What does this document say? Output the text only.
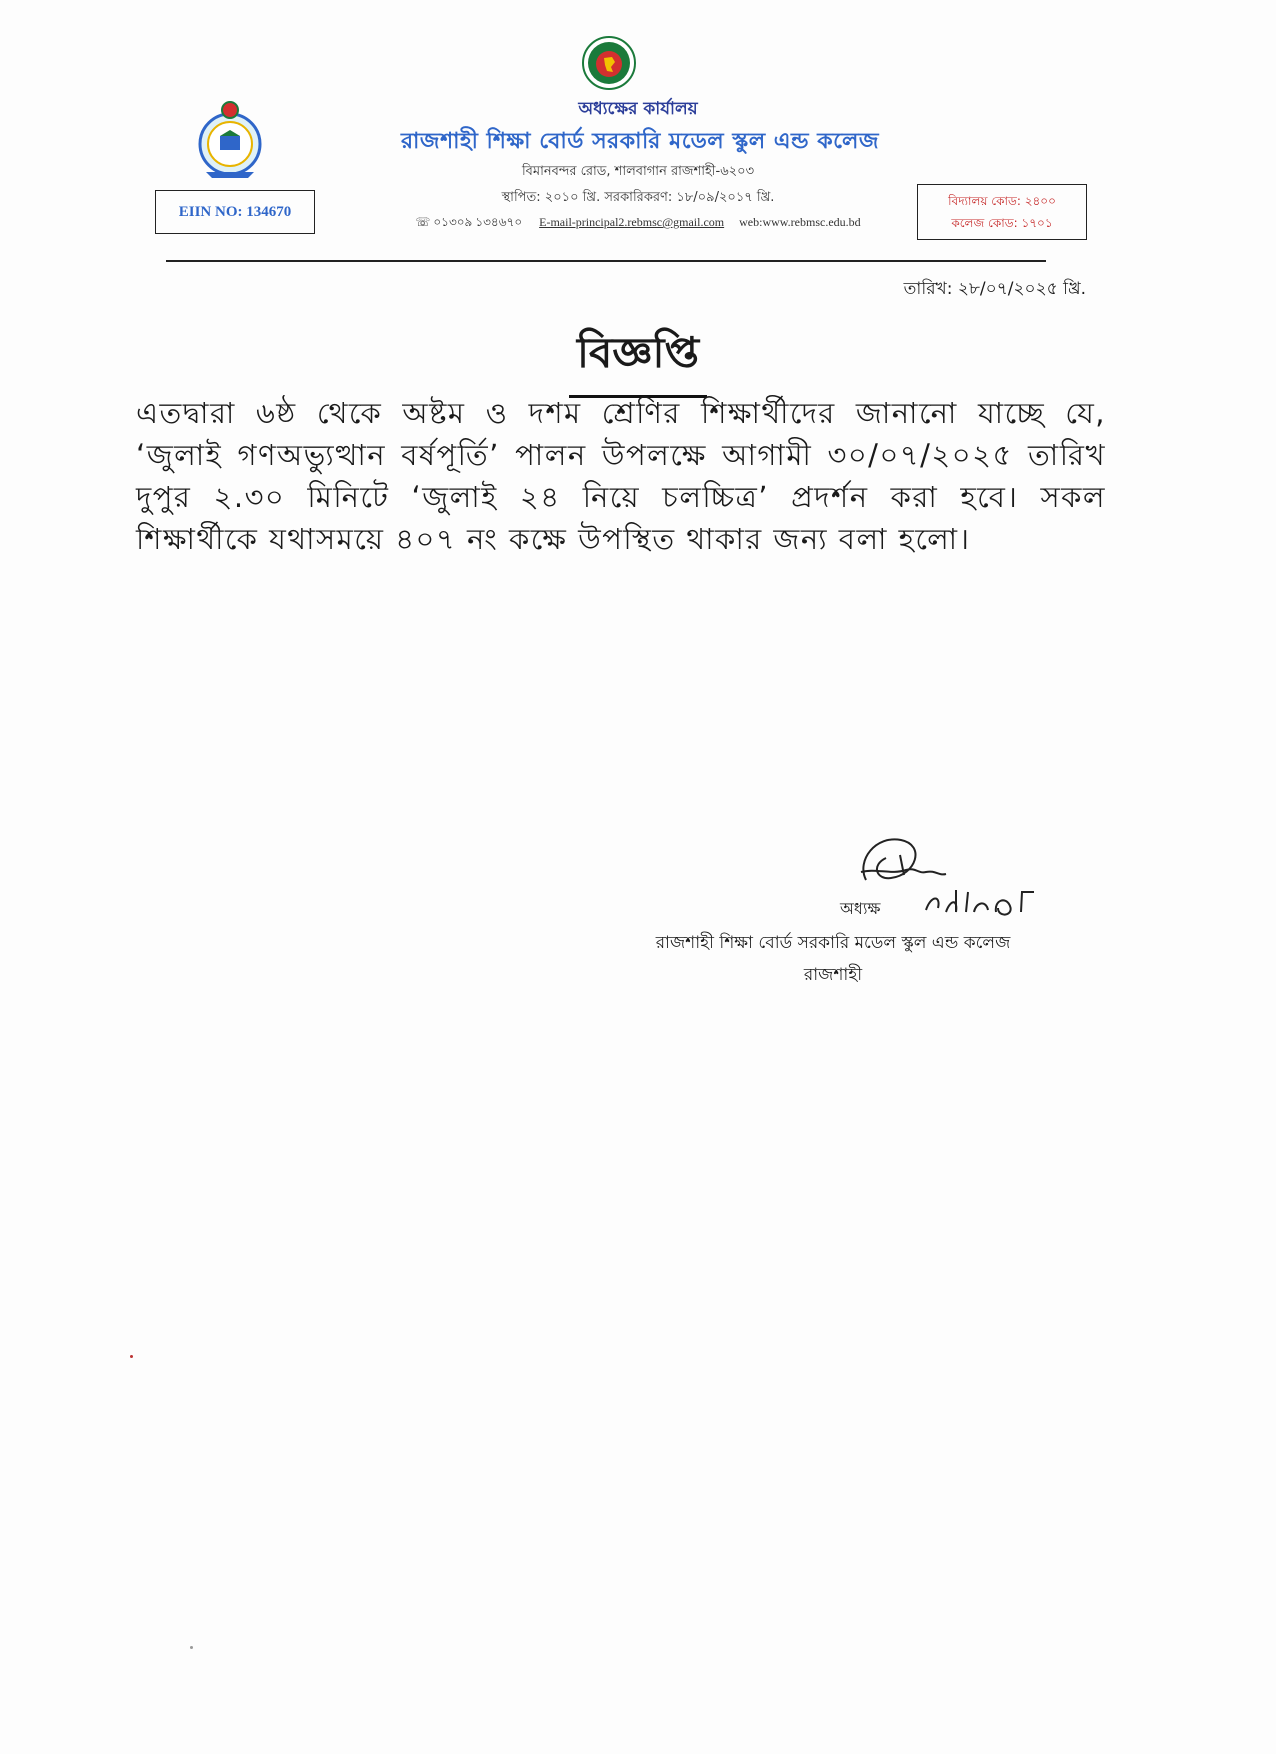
অধ্যক্ষের কার্যালয়
রাজশাহী শিক্ষা বোর্ড সরকারি মডেল স্কুল এন্ড কলেজ
বিমানবন্দর রোড, শালবাগান রাজশাহী-৬২০৩
স্থাপিত: ২০১০ খ্রি. সরকারিকরণ: ১৮/০৯/২০১৭ খ্রি.
☏ ০১৩০৯ ১৩৪৬৭০ E-mail-principal2.rebmsc@gmail.com web:www.rebmsc.edu.bd
EIIN NO: 134670
বিদ্যালয় কোড: ২৪০০
কলেজ কোড: ১৭০১
তারিখ: ২৮/০৭/২০২৫ খ্রি.
বিজ্ঞপ্তি
এতদ্বারা ৬ষ্ঠ থেকে অষ্টম ও দশম শ্রেণির শিক্ষার্থীদের জানানো যাচ্ছে যে, ‘জুলাই গণঅভ্যুত্থান বর্ষপূর্তি’ পালন উপলক্ষে আগামী ৩০/০৭/২০২৫ তারিখ দুপুর ২.৩০ মিনিটে ‘জুলাই ২৪ নিয়ে চলচ্চিত্র’ প্রদর্শন করা হবে। সকল শিক্ষার্থীকে যথাসময়ে ৪০৭ নং কক্ষে উপস্থিত থাকার জন্য বলা হলো।
অধ্যক্ষ
রাজশাহী শিক্ষা বোর্ড সরকারি মডেল স্কুল এন্ড কলেজ
রাজশাহী
